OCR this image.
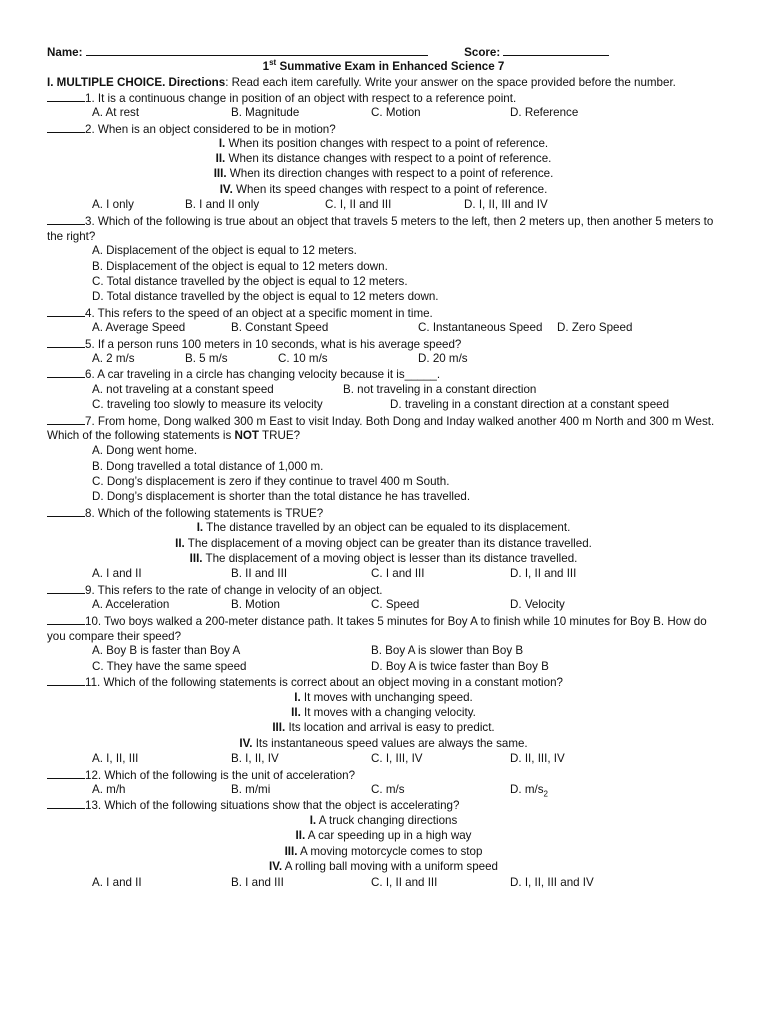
Name:	Score:
1st Summative Exam in Enhanced Science 7
I. MULTIPLE CHOICE. Directions: Read each item carefully. Write your answer on the space provided before the number.
1. It is a continuous change in position of an object with respect to a reference point.
A. At rest	B. Magnitude	C. Motion	D. Reference
2. When is an object considered to be in motion?
I. When its position changes with respect to a point of reference.
II. When its distance changes with respect to a point of reference.
III. When its direction changes with respect to a point of reference.
IV. When its speed changes with respect to a point of reference.
A. I only	B. I and II only	C. I, II and III	D. I, II, III and IV
3. Which of the following is true about an object that travels 5 meters to the left, then 2 meters up, then another 5 meters to the right?
A. Displacement of the object is equal to 12 meters.
B. Displacement of the object is equal to 12 meters down.
C. Total distance travelled by the object is equal to 12 meters.
D. Total distance travelled by the object is equal to 12 meters down.
4. This refers to the speed of an object at a specific moment in time.
A. Average Speed	B. Constant Speed	C. Instantaneous Speed D. Zero Speed
5. If a person runs 100 meters in 10 seconds, what is his average speed?
A. 2 m/s	B. 5 m/s	C. 10 m/s	D. 20 m/s
6. A car traveling in a circle has changing velocity because it is_____.
A. not traveling at a constant speed	B. not traveling in a constant direction
C. traveling too slowly to measure its velocity	D. traveling in a constant direction at a constant speed
7. From home, Dong walked 300 m East to visit Inday. Both Dong and Inday walked another 400 m North and 300 m West.
Which of the following statements is NOT TRUE?
A. Dong went home.
B. Dong travelled a total distance of 1,000 m.
C. Dong’s displacement is zero if they continue to travel 400 m South.
D. Dong’s displacement is shorter than the total distance he has travelled.
8. Which of the following statements is TRUE?
I. The distance travelled by an object can be equaled to its displacement.
II. The displacement of a moving object can be greater than its distance travelled.
III. The displacement of a moving object is lesser than its distance travelled.
A. I and II	B. II and III	C. I and III	D. I, II and III
9. This refers to the rate of change in velocity of an object.
A. Acceleration	B. Motion	C. Speed	D. Velocity
10. Two boys walked a 200-meter distance path. It takes 5 minutes for Boy A to finish while 10 minutes for Boy B. How do you compare their speed?
A. Boy B is faster than Boy A	B. Boy A is slower than Boy B
C. They have the same speed	D. Boy A is twice faster than Boy B
11. Which of the following statements is correct about an object moving in a constant motion?
I. It moves with unchanging speed.
II. It moves with a changing velocity.
III. Its location and arrival is easy to predict.
IV. Its instantaneous speed values are always the same.
A. I, II, III	B. I, II, IV	C. I, III, IV	D. II, III, IV
12. Which of the following is the unit of acceleration?
A. m/h	B. m/mi	C. m/s	D. $m/s_2$
13. Which of the following situations show that the object is accelerating?
I. A truck changing directions
II. A car speeding up in a high way
III. A moving motorcycle comes to stop
IV. A rolling ball moving with a uniform speed
A. I and II	B. I and III	C. I, II and III	D. I, II, III and IV
